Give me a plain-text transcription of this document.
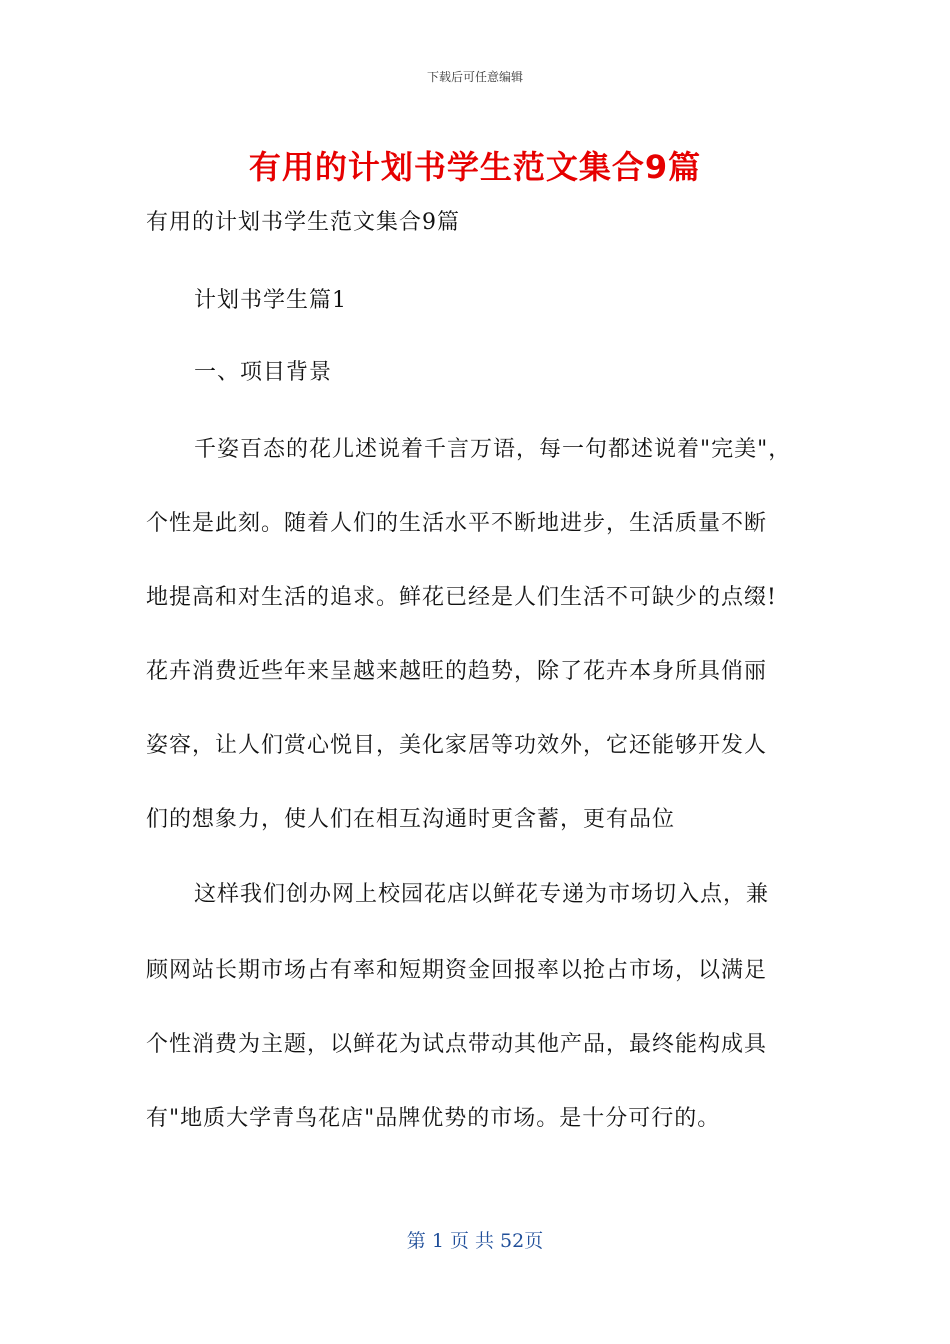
下载后可任意编辑
有用的计划书学生范文集合9篇
有用的计划书学生范文集合9篇
计划书学生篇1
一、项目背景
千姿百态的花儿述说着千言万语，每一句都述说着"完美"，
个性是此刻。随着人们的生活水平不断地进步，生活质量不断
地提高和对生活的追求。鲜花已经是人们生活不可缺少的点缀!
花卉消费近些年来呈越来越旺的趋势，除了花卉本身所具俏丽
姿容，让人们赏心悦目，美化家居等功效外，它还能够开发人
们的想象力，使人们在相互沟通时更含蓄，更有品位
这样我们创办网上校园花店以鲜花专递为市场切入点，兼
顾网站长期市场占有率和短期资金回报率以抢占市场，以满足
个性消费为主题，以鲜花为试点带动其他产品，最终能构成具
有"地质大学青鸟花店"品牌优势的市场。是十分可行的。
第 1 页 共 52页
